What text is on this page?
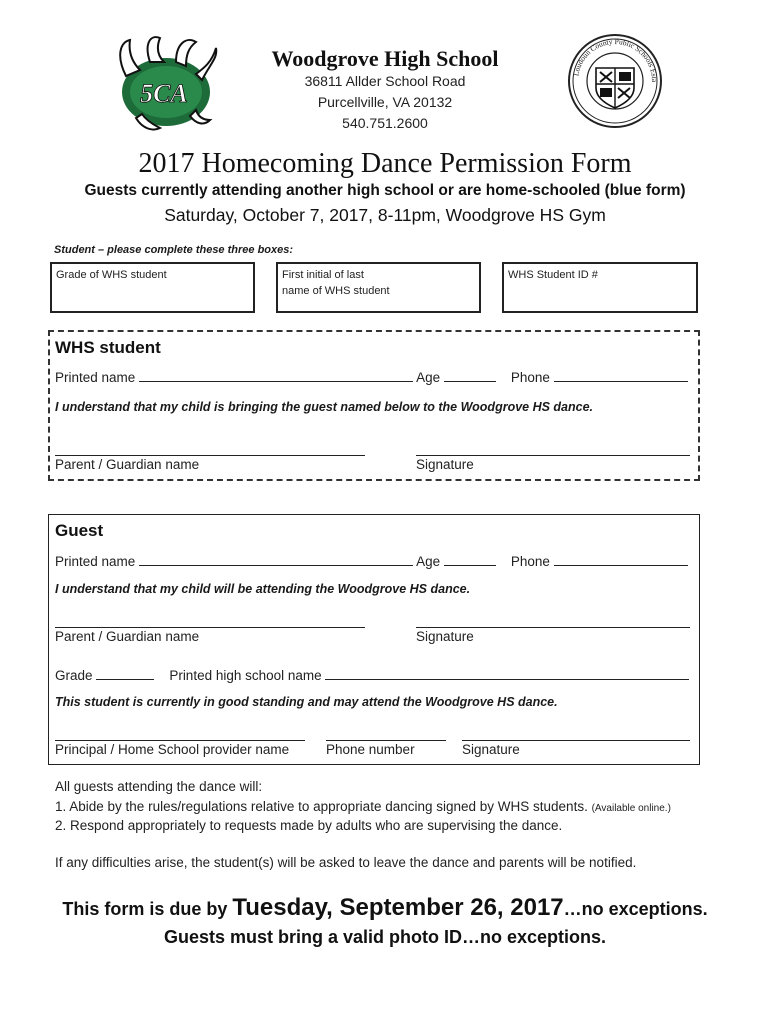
5CA
Woodgrove High School
36811 Allder School Road
Purcellville, VA 20132
540.751.2600
Loudoun County Public Schools Esta
2017 Homecoming Dance Permission Form
Guests currently attending another high school or are home-schooled (blue form)
Saturday, October 7, 2017, 8-11pm, Woodgrove HS Gym
Student – please complete these three boxes:
Grade of WHS student	First initial of last
name of WHS student
WHS Student ID #
WHS student
Printed name	Age	Phone
I understand that my child is bringing the guest named below to the Woodgrove HS dance.
Parent / Guardian name	Signature
Guest
Printed name	Age	Phone
I understand that my child will be attending the Woodgrove HS dance.
Parent / Guardian name	Signature
Grade	Printed high school name
This student is currently in good standing and may attend the Woodgrove HS dance.
Principal / Home School provider name	Phone number	Signature
All guests attending the dance will:
1. Abide by the rules/regulations relative to appropriate dancing signed by WHS students. (Available online.)
2. Respond appropriately to requests made by adults who are supervising the dance.
If any difficulties arise, the student(s) will be asked to leave the dance and parents will be notified.
This form is due by Tuesday, September 26, 2017…no exceptions.
Guests must bring a valid photo ID…no exceptions.
